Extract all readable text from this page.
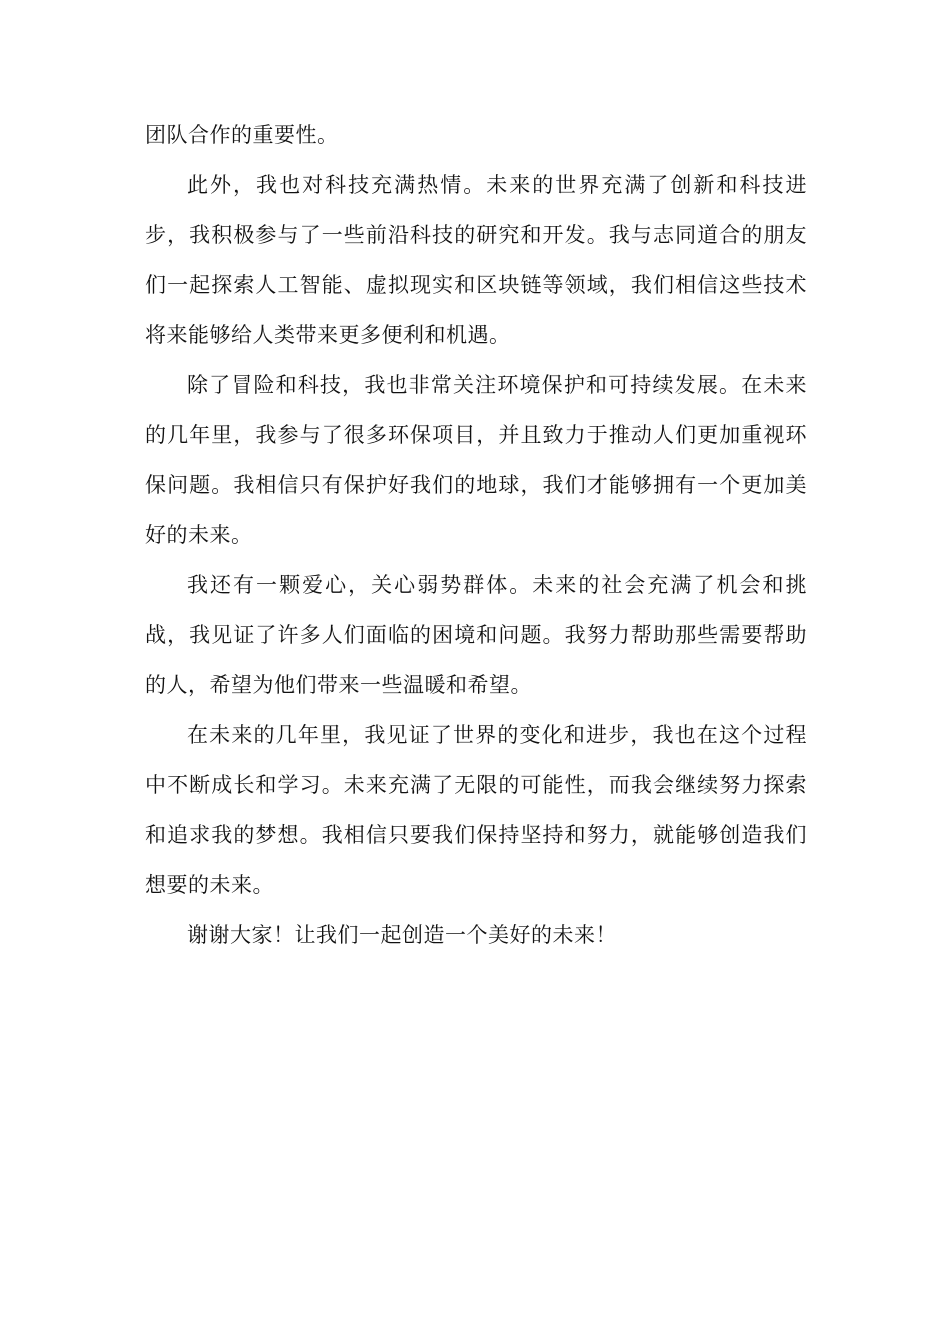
团队合作的重要性。

此外，我也对科技充满热情。未来的世界充满了创新和科技进步，我积极参与了一些前沿科技的研究和开发。我与志同道合的朋友们一起探索人工智能、虚拟现实和区块链等领域，我们相信这些技术将来能够给人类带来更多便利和机遇。

除了冒险和科技，我也非常关注环境保护和可持续发展。在未来的几年里，我参与了很多环保项目，并且致力于推动人们更加重视环保问题。我相信只有保护好我们的地球，我们才能够拥有一个更加美好的未来。

我还有一颗爱心，关心弱势群体。未来的社会充满了机会和挑战，我见证了许多人们面临的困境和问题。我努力帮助那些需要帮助的人，希望为他们带来一些温暖和希望。

在未来的几年里，我见证了世界的变化和进步，我也在这个过程中不断成长和学习。未来充满了无限的可能性，而我会继续努力探索和追求我的梦想。我相信只要我们保持坚持和努力，就能够创造我们想要的未来。

谢谢大家！让我们一起创造一个美好的未来！
